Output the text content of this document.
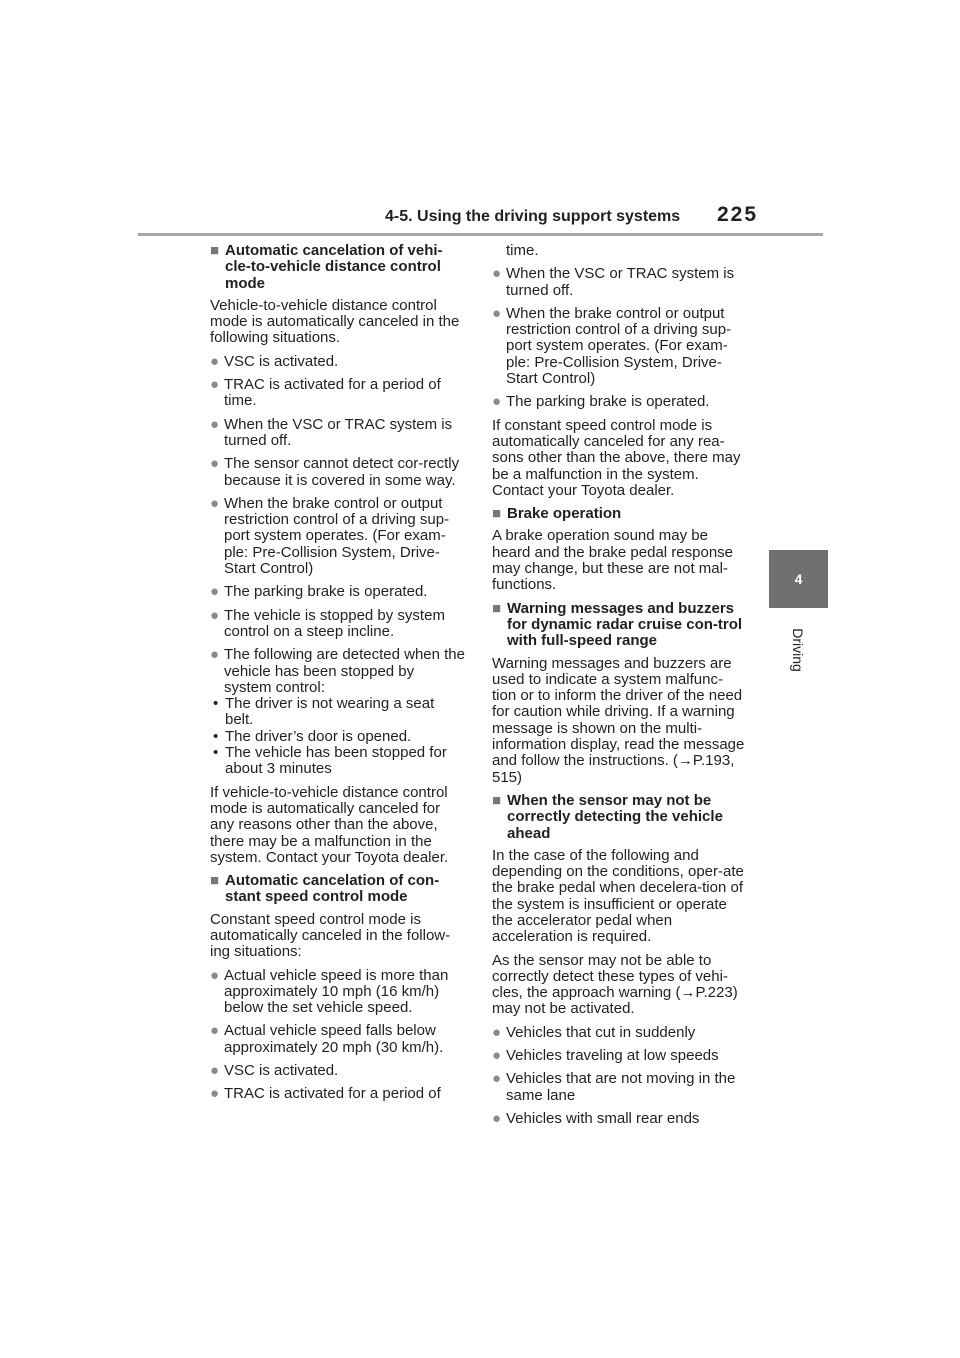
4-5. Using the driving support systems 225
4
Driving
■ Automatic cancelation of vehi-cle-to-vehicle distance control mode
Vehicle-to-vehicle distance control mode is automatically canceled in the following situations.
● VSC is activated.
● TRAC is activated for a period of time.
● When the VSC or TRAC system is turned off.
● The sensor cannot detect cor-rectly because it is covered in some way.
● When the brake control or output restriction control of a driving sup-port system operates. (For exam-ple: Pre-Collision System, Drive-Start Control)
● The parking brake is operated.
● The vehicle is stopped by system control on a steep incline.
● The following are detected when the vehicle has been stopped by system control:
• The driver is not wearing a seat belt.
• The driver’s door is opened.
• The vehicle has been stopped for about 3 minutes
If vehicle-to-vehicle distance control mode is automatically canceled for any reasons other than the above, there may be a malfunction in the system. Contact your Toyota dealer.
■ Automatic cancelation of con-stant speed control mode
Constant speed control mode is automatically canceled in the follow-ing situations:
● Actual vehicle speed is more than approximately 10 mph (16 km/h) below the set vehicle speed.
● Actual vehicle speed falls below approximately 20 mph (30 km/h).
● VSC is activated.
● TRAC is activated for a period of
time.
● When the VSC or TRAC system is turned off.
● When the brake control or output restriction control of a driving sup-port system operates. (For exam-ple: Pre-Collision System, Drive-Start Control)
● The parking brake is operated.
If constant speed control mode is automatically canceled for any rea-sons other than the above, there may be a malfunction in the system. Contact your Toyota dealer.
■ Brake operation
A brake operation sound may be heard and the brake pedal response may change, but these are not mal-functions.
■ Warning messages and buzzers for dynamic radar cruise con-trol with full-speed range
Warning messages and buzzers are used to indicate a system malfunc-tion or to inform the driver of the need for caution while driving. If a warning message is shown on the multi-information display, read the message and follow the instructions. (→P.193, 515)
■ When the sensor may not be correctly detecting the vehicle ahead
In the case of the following and depending on the conditions, oper-ate the brake pedal when decelera-tion of the system is insufficient or operate the accelerator pedal when acceleration is required.
As the sensor may not be able to correctly detect these types of vehi-cles, the approach warning (→P.223) may not be activated.
● Vehicles that cut in suddenly
● Vehicles traveling at low speeds
● Vehicles that are not moving in the same lane
● Vehicles with small rear ends
